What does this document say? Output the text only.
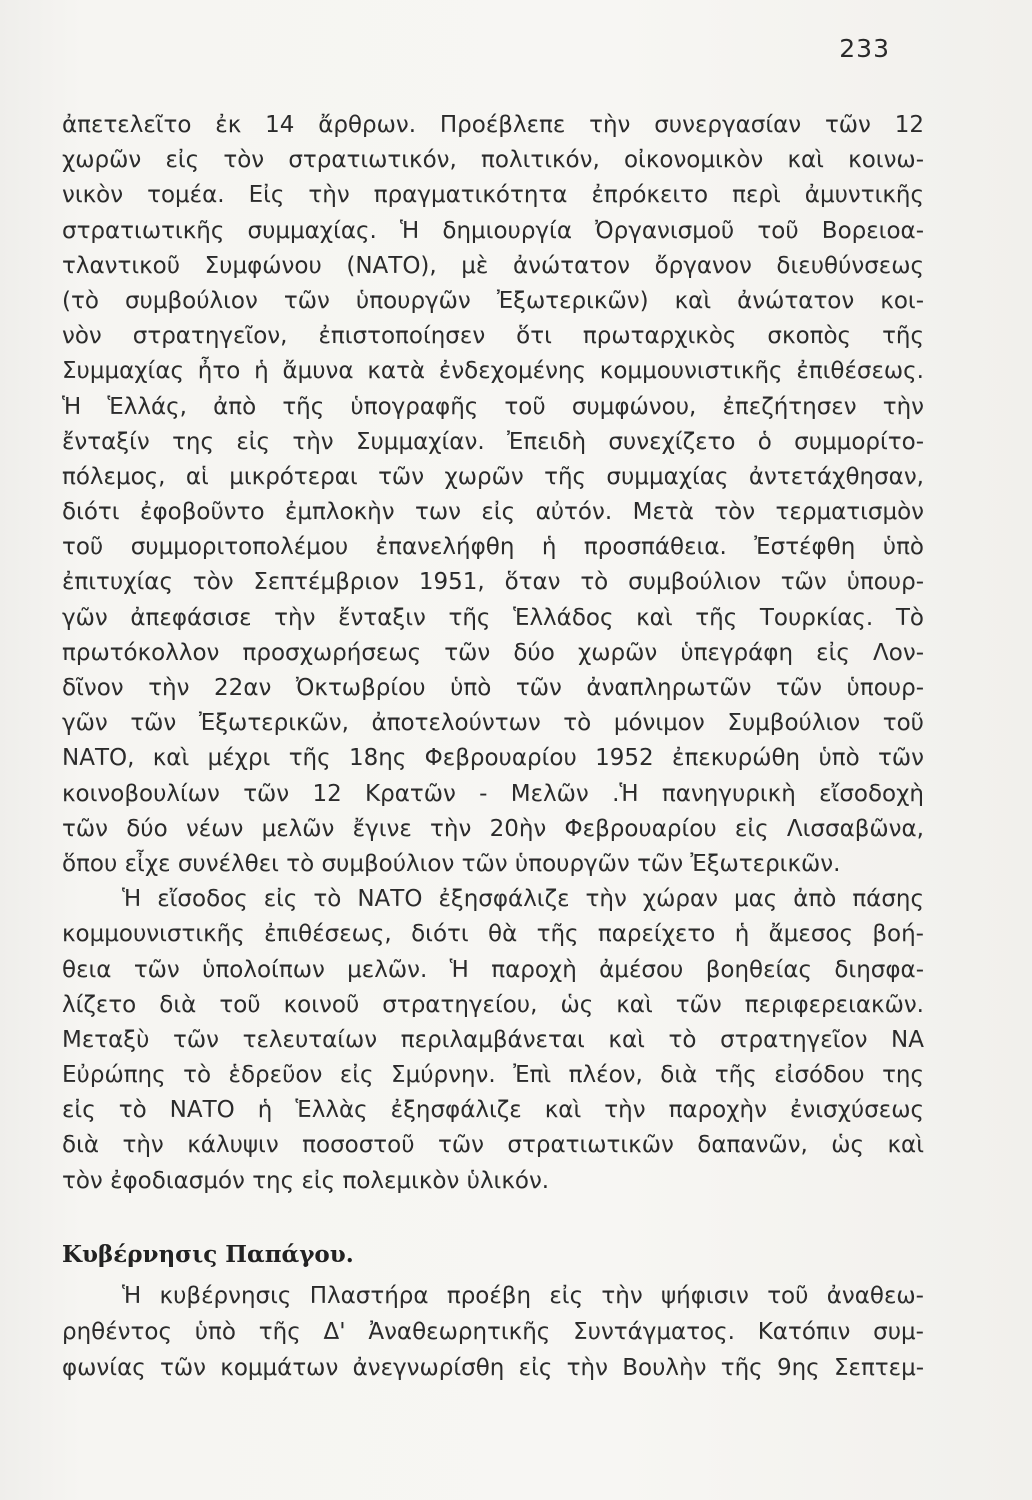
233
ἀπετελεῖτο ἐκ 14 ἄρθρων. Προέβλεπε τὴν συνεργασίαν τῶν 12
χωρῶν εἰς τὸν στρατιωτικόν, πολιτικόν, οἰκονομικὸν καὶ κοινω-
νικὸν τομέα. Εἰς τὴν πραγματικότητα ἐπρόκειτο περὶ ἀμυντικῆς
στρατιωτικῆς συμμαχίας. Ἡ δημιουργία Ὀργανισμοῦ τοῦ Βορειοα-
τλαντικοῦ Συμφώνου (ΝΑΤΟ), μὲ ἀνώτατον ὄργανον διευθύνσεως
(τὸ συμβούλιον τῶν ὑπουργῶν Ἐξωτερικῶν) καὶ ἀνώτατον κοι-
νὸν στρατηγεῖον, ἐπιστοποίησεν ὅτι πρωταρχικὸς σκοπὸς τῆς
Συμμαχίας ἦτο ἡ ἄμυνα κατὰ ἐνδεχομένης κομμουνιστικῆς ἐπιθέσεως.
Ἡ Ἑλλάς, ἀπὸ τῆς ὑπογραφῆς τοῦ συμφώνου, ἐπεζήτησεν τὴν
ἔνταξίν της εἰς τὴν Συμμαχίαν. Ἐπειδὴ συνεχίζετο ὁ συμμορίτο-
πόλεμος, αἱ μικρότεραι τῶν χωρῶν τῆς συμμαχίας ἀντετάχθησαν,
διότι ἐφοβοῦντο ἐμπλοκὴν των εἰς αὐτόν. Μετὰ τὸν τερματισμὸν
τοῦ συμμοριτοπολέμου ἐπανελήφθη ἡ προσπάθεια. Ἐστέφθη ὑπὸ
ἐπιτυχίας τὸν Σεπτέμβριον 1951, ὅταν τὸ συμβούλιον τῶν ὑπουρ-
γῶν ἀπεφάσισε τὴν ἔνταξιν τῆς Ἑλλάδος καὶ τῆς Τουρκίας. Τὸ
πρωτόκολλον προσχωρήσεως τῶν δύο χωρῶν ὑπεγράφη εἰς Λον-
δῖνον τὴν 22αν Ὀκτωβρίου ὑπὸ τῶν ἀναπληρωτῶν τῶν ὑπουρ-
γῶν τῶν Ἐξωτερικῶν, ἀποτελούντων τὸ μόνιμον Συμβούλιον τοῦ
ΝΑΤΟ, καὶ μέχρι τῆς 18ης Φεβρουαρίου 1952 ἐπεκυρώθη ὑπὸ τῶν
κοινοβουλίων τῶν 12 Κρατῶν - Μελῶν .Ἡ πανηγυρικὴ εἴσοδοχὴ
τῶν δύο νέων μελῶν ἔγινε τὴν 20ὴν Φεβρουαρίου εἰς Λισσαβῶνα,
ὅπου εἶχε συνέλθει τὸ συμβούλιον τῶν ὑπουργῶν τῶν Ἐξωτερικῶν.
Ἡ εἴσοδος εἰς τὸ ΝΑΤΟ ἐξησφάλιζε τὴν χώραν μας ἀπὸ πάσης
κομμουνιστικῆς ἐπιθέσεως, διότι θὰ τῆς παρείχετο ἡ ἄμεσος βοή-
θεια τῶν ὑπολοίπων μελῶν. Ἡ παροχὴ ἀμέσου βοηθείας διησφα-
λίζετο διὰ τοῦ κοινοῦ στρατηγείου, ὡς καὶ τῶν περιφερειακῶν.
Μεταξὺ τῶν τελευταίων περιλαμβάνεται καὶ τὸ στρατηγεῖον ΝΑ
Εὐρώπης τὸ ἑδρεῦον εἰς Σμύρνην. Ἐπὶ πλέον, διὰ τῆς εἰσόδου της
εἰς τὸ ΝΑΤΟ ἡ Ἑλλὰς ἐξησφάλιζε καὶ τὴν παροχὴν ἐνισχύσεως
διὰ τὴν κάλυψιν ποσοστοῦ τῶν στρατιωτικῶν δαπανῶν, ὡς καὶ
τὸν ἐφοδιασμόν της εἰς πολεμικὸν ὑλικόν.
Κυβέρνησις Παπάγου.
Ἡ κυβέρνησις Πλαστήρα προέβη εἰς τὴν ψήφισιν τοῦ ἀναθεω-
ρηθέντος ὑπὸ τῆς Δ' Ἀναθεωρητικῆς Συντάγματος. Κατόπιν συμ-
φωνίας τῶν κομμάτων ἀνεγνωρίσθη εἰς τὴν Βουλὴν τῆς 9ης Σεπτεμ-
